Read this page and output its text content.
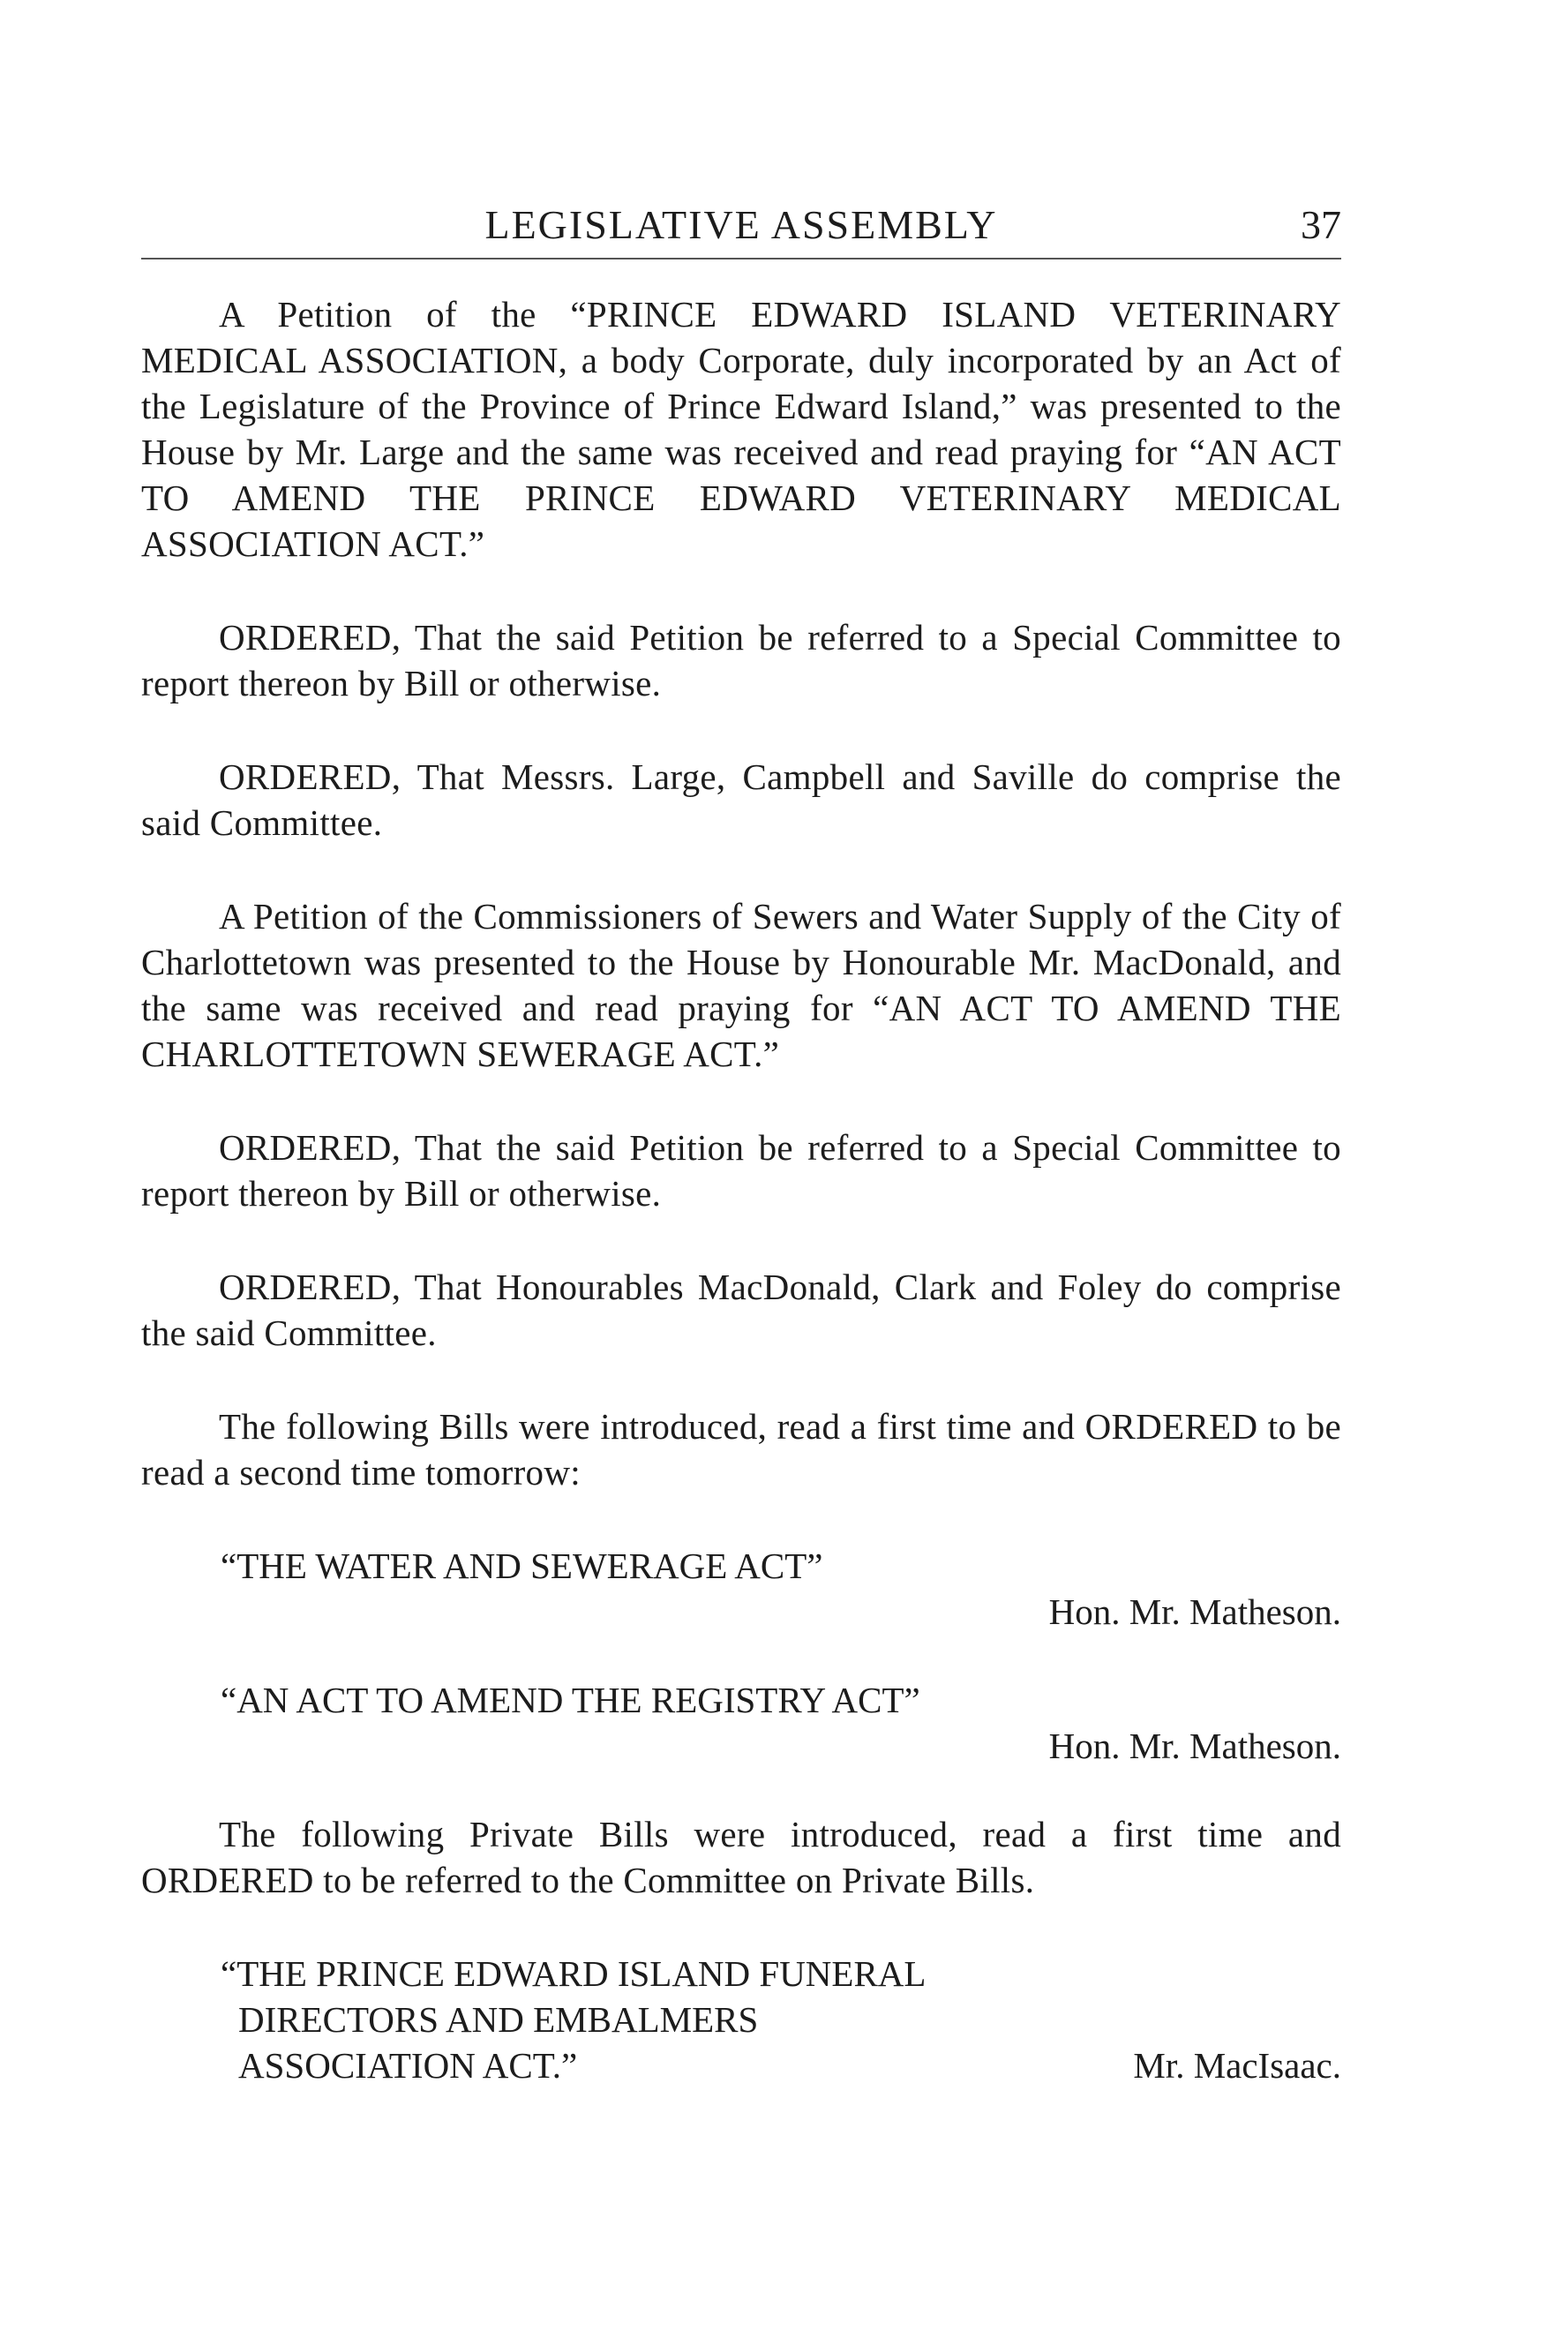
LEGISLATIVE ASSEMBLY	37

A Petition of the “PRINCE EDWARD ISLAND VETERINARY MEDICAL ASSOCIATION, a body Corporate, duly incorporated by an Act of the Legislature of the Province of Prince Edward Island,” was presented to the House by Mr. Large and the same was received and read praying for “AN ACT TO AMEND THE PRINCE EDWARD VETERINARY MEDICAL ASSOCIATION ACT.”

ORDERED, That the said Petition be referred to a Special Committee to report thereon by Bill or otherwise.

ORDERED, That Messrs. Large, Campbell and Saville do comprise the said Committee.

A Petition of the Commissioners of Sewers and Water Supply of the City of Charlottetown was presented to the House by Honourable Mr. MacDonald, and the same was received and read praying for “AN ACT TO AMEND THE CHARLOTTETOWN SEWERAGE ACT.”

ORDERED, That the said Petition be referred to a Special Committee to report thereon by Bill or otherwise.

ORDERED, That Honourables MacDonald, Clark and Foley do comprise the said Committee.

The following Bills were introduced, read a first time and ORDERED to be read a second time tomorrow:

“THE WATER AND SEWERAGE ACT”
Hon. Mr. Matheson.
“AN ACT TO AMEND THE REGISTRY ACT”
Hon. Mr. Matheson.

The following Private Bills were introduced, read a first time and ORDERED to be referred to the Committee on Private Bills.

“THE PRINCE EDWARD ISLAND FUNERAL
DIRECTORS AND EMBALMERS
ASSOCIATION ACT.”	Mr. MacIsaac.
